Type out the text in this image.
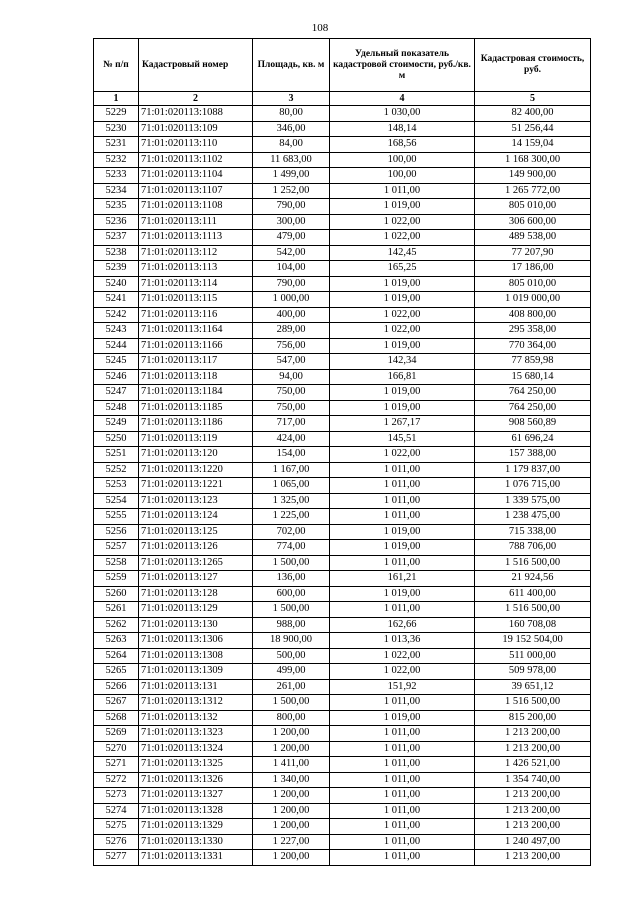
108
№ п/п	Кадастровый номер	Площадь, кв. м	Удельный показатель кадастровой стоимости, руб./кв. м	Кадастровая стоимость, руб.
1	2	3	4	5
5229	71:01:020113:1088	80,00	1 030,00	82 400,00
5230	71:01:020113:109	346,00	148,14	51 256,44
5231	71:01:020113:110	84,00	168,56	14 159,04
5232	71:01:020113:1102	11 683,00	100,00	1 168 300,00
5233	71:01:020113:1104	1 499,00	100,00	149 900,00
5234	71:01:020113:1107	1 252,00	1 011,00	1 265 772,00
5235	71:01:020113:1108	790,00	1 019,00	805 010,00
5236	71:01:020113:111	300,00	1 022,00	306 600,00
5237	71:01:020113:1113	479,00	1 022,00	489 538,00
5238	71:01:020113:112	542,00	142,45	77 207,90
5239	71:01:020113:113	104,00	165,25	17 186,00
5240	71:01:020113:114	790,00	1 019,00	805 010,00
5241	71:01:020113:115	1 000,00	1 019,00	1 019 000,00
5242	71:01:020113:116	400,00	1 022,00	408 800,00
5243	71:01:020113:1164	289,00	1 022,00	295 358,00
5244	71:01:020113:1166	756,00	1 019,00	770 364,00
5245	71:01:020113:117	547,00	142,34	77 859,98
5246	71:01:020113:118	94,00	166,81	15 680,14
5247	71:01:020113:1184	750,00	1 019,00	764 250,00
5248	71:01:020113:1185	750,00	1 019,00	764 250,00
5249	71:01:020113:1186	717,00	1 267,17	908 560,89
5250	71:01:020113:119	424,00	145,51	61 696,24
5251	71:01:020113:120	154,00	1 022,00	157 388,00
5252	71:01:020113:1220	1 167,00	1 011,00	1 179 837,00
5253	71:01:020113:1221	1 065,00	1 011,00	1 076 715,00
5254	71:01:020113:123	1 325,00	1 011,00	1 339 575,00
5255	71:01:020113:124	1 225,00	1 011,00	1 238 475,00
5256	71:01:020113:125	702,00	1 019,00	715 338,00
5257	71:01:020113:126	774,00	1 019,00	788 706,00
5258	71:01:020113:1265	1 500,00	1 011,00	1 516 500,00
5259	71:01:020113:127	136,00	161,21	21 924,56
5260	71:01:020113:128	600,00	1 019,00	611 400,00
5261	71:01:020113:129	1 500,00	1 011,00	1 516 500,00
5262	71:01:020113:130	988,00	162,66	160 708,08
5263	71:01:020113:1306	18 900,00	1 013,36	19 152 504,00
5264	71:01:020113:1308	500,00	1 022,00	511 000,00
5265	71:01:020113:1309	499,00	1 022,00	509 978,00
5266	71:01:020113:131	261,00	151,92	39 651,12
5267	71:01:020113:1312	1 500,00	1 011,00	1 516 500,00
5268	71:01:020113:132	800,00	1 019,00	815 200,00
5269	71:01:020113:1323	1 200,00	1 011,00	1 213 200,00
5270	71:01:020113:1324	1 200,00	1 011,00	1 213 200,00
5271	71:01:020113:1325	1 411,00	1 011,00	1 426 521,00
5272	71:01:020113:1326	1 340,00	1 011,00	1 354 740,00
5273	71:01:020113:1327	1 200,00	1 011,00	1 213 200,00
5274	71:01:020113:1328	1 200,00	1 011,00	1 213 200,00
5275	71:01:020113:1329	1 200,00	1 011,00	1 213 200,00
5276	71:01:020113:1330	1 227,00	1 011,00	1 240 497,00
5277	71:01:020113:1331	1 200,00	1 011,00	1 213 200,00
